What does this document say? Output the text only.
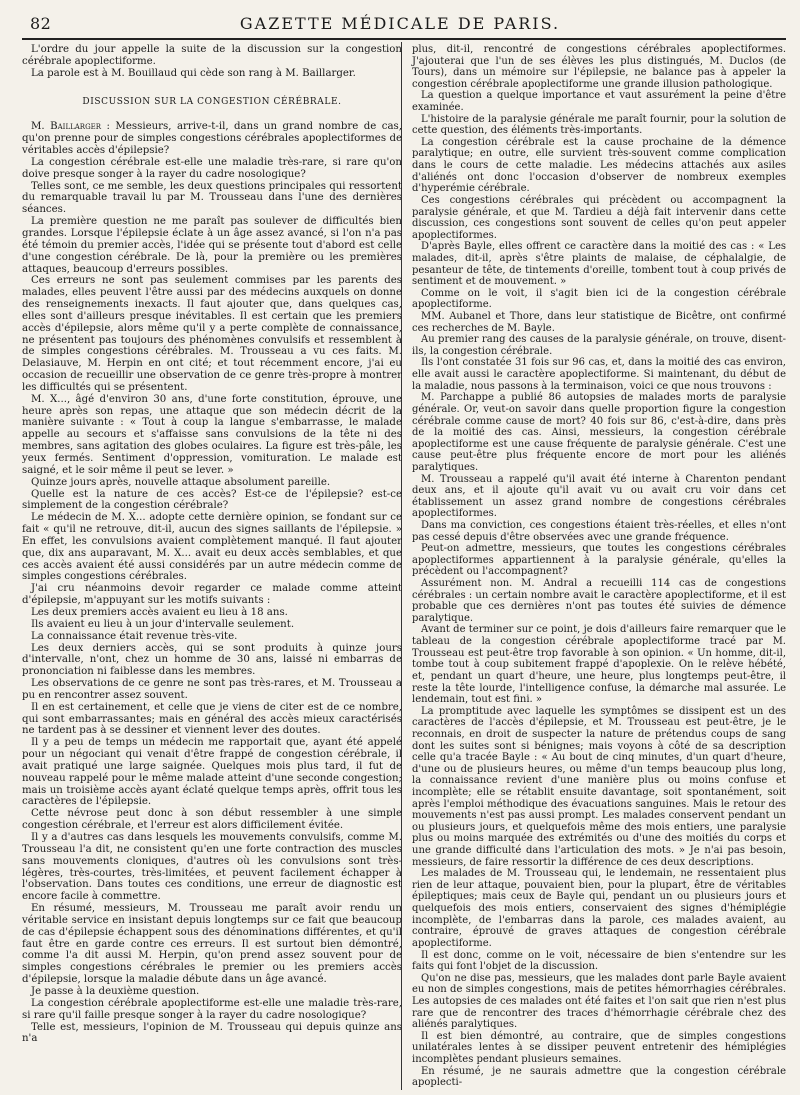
82	GAZETTE MÉDICALE DE PARIS.

L'ordre du jour appelle la suite de la discussion sur la congestion cérébrale apoplectiforme.

La parole est à M. Bouillaud qui cède son rang à M. Baillarger.

DISCUSSION SUR LA CONGESTION CÉRÉBRALE.

M. Baillarger : Messieurs, arrive-t-il, dans un grand nombre de cas, qu'on prenne pour de simples congestions cérébrales apoplectiformes de véritables accès d'épilepsie?

La congestion cérébrale est-elle une maladie très-rare, si rare qu'on doive presque songer à la rayer du cadre nosologique?

Telles sont, ce me semble, les deux questions principales qui ressortent du remarquable travail lu par M. Trousseau dans l'une des dernières séances.

La première question ne me paraît pas soulever de difficultés bien grandes. Lorsque l'épilepsie éclate à un âge assez avancé, si l'on n'a pas été témoin du premier accès, l'idée qui se présente tout d'abord est celle d'une congestion cérébrale. De là, pour la première ou les premières attaques, beaucoup d'erreurs possibles.

Ces erreurs ne sont pas seulement commises par les parents des malades, elles peuvent l'être aussi par des médecins auxquels on donne des renseignements inexacts. Il faut ajouter que, dans quelques cas, elles sont d'ailleurs presque inévitables. Il est certain que les premiers accès d'épilepsie, alors même qu'il y a perte complète de connaissance, ne présentent pas toujours des phénomènes convulsifs et ressemblent à de simples congestions cérébrales. M. Trousseau a vu ces faits. M. Delasiauve, M. Herpin en ont cité; et tout récemment encore, j'ai eu occasion de recueillir une observation de ce genre très-propre à montrer les difficultés qui se présentent.

M. X..., âgé d'environ 30 ans, d'une forte constitution, éprouve, une heure après son repas, une attaque que son médecin décrit de la manière suivante : « Tout à coup la langue s'embarrasse, le malade appelle au secours et s'affaisse sans convulsions de la tête ni des membres, sans agitation des globes oculaires. La figure est très-pâle, les yeux fermés. Sentiment d'oppression, vomituration. Le malade est saigné, et le soir même il peut se lever. »

Quinze jours après, nouvelle attaque absolument pareille.

Quelle est la nature de ces accès? Est-ce de l'épilepsie? est-ce simplement de la congestion cérébrale?

Le médecin de M. X... adopte cette dernière opinion, se fondant sur ce fait « qu'il ne retrouve, dit-il, aucun des signes saillants de l'épilepsie. » En effet, les convulsions avaient complètement manqué. Il faut ajouter que, dix ans auparavant, M. X... avait eu deux accès semblables, et que ces accès avaient été aussi considérés par un autre médecin comme de simples congestions cérébrales.

J'ai cru néanmoins devoir regarder ce malade comme atteint d'épilepsie, m'appuyant sur les motifs suivants :

Les deux premiers accès avaient eu lieu à 18 ans.

Ils avaient eu lieu à un jour d'intervalle seulement.

La connaissance était revenue très-vite.

Les deux derniers accès, qui se sont produits à quinze jours d'intervalle, n'ont, chez un homme de 30 ans, laissé ni embarras de prononciation ni faiblesse dans les membres.

Les observations de ce genre ne sont pas très-rares, et M. Trousseau a pu en rencontrer assez souvent.

Il en est certainement, et celle que je viens de citer est de ce nombre, qui sont embarrassantes; mais en général des accès mieux caractérisés ne tardent pas à se dessiner et viennent lever des doutes.

Il y a peu de temps un médecin me rapportait que, ayant été appelé pour un négociant qui venait d'être frappé de congestion cérébrale, il avait pratiqué une large saignée. Quelques mois plus tard, il fut de nouveau rappelé pour le même malade atteint d'une seconde congestion; mais un troisième accès ayant éclaté quelque temps après, offrit tous les caractères de l'épilepsie.

Cette névrose peut donc à son début ressembler à une simple congestion cérébrale, et l'erreur est alors difficilement évitée.

Il y a d'autres cas dans lesquels les mouvements convulsifs, comme M. Trousseau l'a dit, ne consistent qu'en une forte contraction des muscles sans mouvements cloniques, d'autres où les convulsions sont très-légères, très-courtes, très-limitées, et peuvent facilement échapper à l'observation. Dans toutes ces conditions, une erreur de diagnostic est encore facile à commettre.

En résumé, messieurs, M. Trousseau me paraît avoir rendu un véritable service en insistant depuis longtemps sur ce fait que beaucoup de cas d'épilepsie échappent sous des dénominations différentes, et qu'il faut être en garde contre ces erreurs. Il est surtout bien démontré, comme l'a dit aussi M. Herpin, qu'on prend assez souvent pour de simples congestions cérébrales le premier ou les premiers accès d'épilepsie, lorsque la maladie débute dans un âge avancé.

Je passe à la deuxième question.

La congestion cérébrale apoplectiforme est-elle une maladie très-rare, si rare qu'il faille presque songer à la rayer du cadre nosologique?

Telle est, messieurs, l'opinion de M. Trousseau qui depuis quinze ans n'a

plus, dit-il, rencontré de congestions cérébrales apoplectiformes. J'ajouterai que l'un de ses élèves les plus distingués, M. Duclos (de Tours), dans un mémoire sur l'épilepsie, ne balance pas à appeler la congestion cérébrale apoplectiforme une grande illusion pathologique.

La question a quelque importance et vaut assurément la peine d'être examinée.

L'histoire de la paralysie générale me paraît fournir, pour la solution de cette question, des éléments très-importants.

La congestion cérébrale est la cause prochaine de la démence paralytique; en outre, elle survient très-souvent comme complication dans le cours de cette maladie. Les médecins attachés aux asiles d'aliénés ont donc l'occasion d'observer de nombreux exemples d'hyperémie cérébrale.

Ces congestions cérébrales qui précèdent ou accompagnent la paralysie générale, et que M. Tardieu a déjà fait intervenir dans cette discussion, ces congestions sont souvent de celles qu'on peut appeler apoplectiformes.

D'après Bayle, elles offrent ce caractère dans la moitié des cas : « Les malades, dit-il, après s'être plaints de malaise, de céphalalgie, de pesanteur de tête, de tintements d'oreille, tombent tout à coup privés de sentiment et de mouvement. »

Comme on le voit, il s'agit bien ici de la congestion cérébrale apoplectiforme.

MM. Aubanel et Thore, dans leur statistique de Bicêtre, ont confirmé ces recherches de M. Bayle.

Au premier rang des causes de la paralysie générale, on trouve, disent-ils, la congestion cérébrale.

Ils l'ont constatée 31 fois sur 96 cas, et, dans la moitié des cas environ, elle avait aussi le caractère apoplectiforme. Si maintenant, du début de la maladie, nous passons à la terminaison, voici ce que nous trouvons :

M. Parchappe a publié 86 autopsies de malades morts de paralysie générale. Or, veut-on savoir dans quelle proportion figure la congestion cérébrale comme cause de mort? 40 fois sur 86, c'est-à-dire, dans près de la moitié des cas. Ainsi, messieurs, la congestion cérébrale apoplectiforme est une cause fréquente de paralysie générale. C'est une cause peut-être plus fréquente encore de mort pour les aliénés paralytiques.

M. Trousseau a rappelé qu'il avait été interne à Charenton pendant deux ans, et il ajoute qu'il avait vu ou avait cru voir dans cet établissement un assez grand nombre de congestions cérébrales apoplectiformes.

Dans ma conviction, ces congestions étaient très-réelles, et elles n'ont pas cessé depuis d'être observées avec une grande fréquence.

Peut-on admettre, messieurs, que toutes les congestions cérébrales apoplectiformes appartiennent à la paralysie générale, qu'elles la précèdent ou l'accompagnent?

Assurément non. M. Andral a recueilli 114 cas de congestions cérébrales : un certain nombre avait le caractère apoplectiforme, et il est probable que ces dernières n'ont pas toutes été suivies de démence paralytique.

Avant de terminer sur ce point, je dois d'ailleurs faire remarquer que le tableau de la congestion cérébrale apoplectiforme tracé par M. Trousseau est peut-être trop favorable à son opinion. « Un homme, dit-il, tombe tout à coup subitement frappé d'apoplexie. On le relève hébété, et, pendant un quart d'heure, une heure, plus longtemps peut-être, il reste la tête lourde, l'intelligence confuse, la démarche mal assurée. Le lendemain, tout est fini. »

La promptitude avec laquelle les symptômes se dissipent est un des caractères de l'accès d'épilepsie, et M. Trousseau est peut-être, je le reconnais, en droit de suspecter la nature de prétendus coups de sang dont les suites sont si bénignes; mais voyons à côté de sa description celle qu'a tracée Bayle : « Au bout de cinq minutes, d'un quart d'heure, d'une ou de plusieurs heures, ou même d'un temps beaucoup plus long, la connaissance revient d'une manière plus ou moins confuse et incomplète; elle se rétablit ensuite davantage, soit spontanément, soit après l'emploi méthodique des évacuations sanguines. Mais le retour des mouvements n'est pas aussi prompt. Les malades conservent pendant un ou plusieurs jours, et quelquefois même des mois entiers, une paralysie plus ou moins marquée des extrémités ou d'une des moitiés du corps et une grande difficulté dans l'articulation des mots. » Je n'ai pas besoin, messieurs, de faire ressortir la différence de ces deux descriptions.

Les malades de M. Trousseau qui, le lendemain, ne ressentaient plus rien de leur attaque, pouvaient bien, pour la plupart, être de véritables épileptiques; mais ceux de Bayle qui, pendant un ou plusieurs jours et quelquefois des mois entiers, conservaient des signes d'hémiplégie incomplète, de l'embarras dans la parole, ces malades avaient, au contraire, éprouvé de graves attaques de congestion cérébrale apoplectiforme.

Il est donc, comme on le voit, nécessaire de bien s'entendre sur les faits qui font l'objet de la discussion.

Qu'on ne dise pas, messieurs, que les malades dont parle Bayle avaient eu non de simples congestions, mais de petites hémorrhagies cérébrales. Les autopsies de ces malades ont été faites et l'on sait que rien n'est plus rare que de rencontrer des traces d'hémorrhagie cérébrale chez des aliénés paralytiques.

Il est bien démontré, au contraire, que de simples congestions unilatérales lentes à se dissiper peuvent entretenir des hémiplégies incomplètes pendant plusieurs semaines.

En résumé, je ne saurais admettre que la congestion cérébrale apoplecti-
